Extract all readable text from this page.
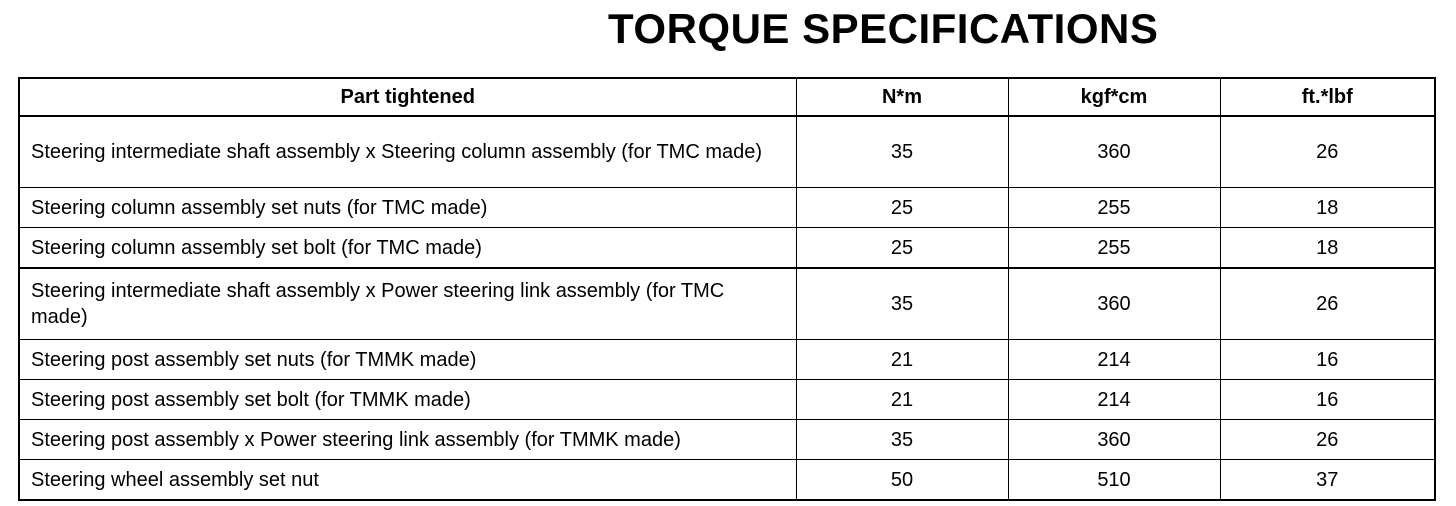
TORQUE SPECIFICATIONS
Part tightened	N*m	kgf*cm	ft.*lbf
Steering intermediate shaft assembly x Steering column assembly (for TMC made)	35	360	26
Steering column assembly set nuts (for TMC made)	25	255	18
Steering column assembly set bolt (for TMC made)	25	255	18
Steering intermediate shaft assembly x Power steering link assembly (for TMC made)	35	360	26
Steering post assembly set nuts (for TMMK made)	21	214	16
Steering post assembly set bolt (for TMMK made)	21	214	16
Steering post assembly x Power steering link assembly (for TMMK made)	35	360	26
Steering wheel assembly set nut	50	510	37
